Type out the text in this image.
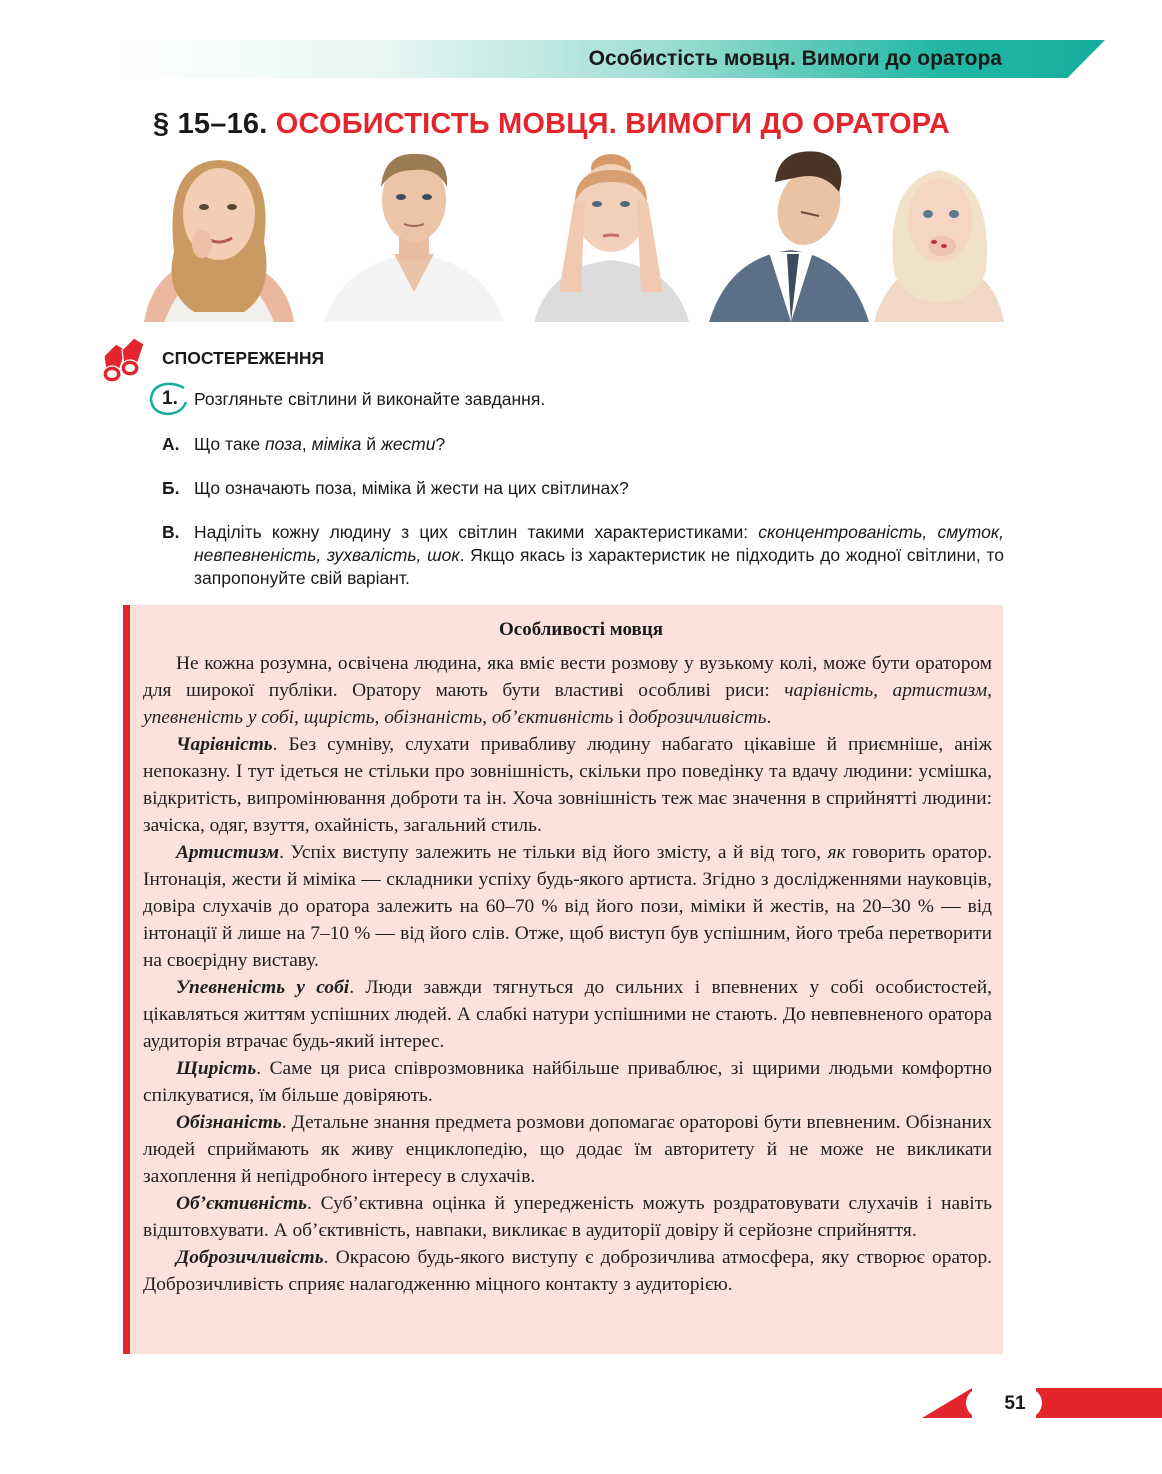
Особистість мовця. Вимоги до оратора
§ 15–16. ОСОБИСТІСТЬ МОВЦЯ. ВИМОГИ ДО ОРАТОРА
СПОСТЕРЕЖЕННЯ
1. Розгляньте світлини й виконайте завдання.
А. Що таке поза, міміка й жести?
Б. Що означають поза, міміка й жести на цих світлинах?
В. Наділіть кожну людину з цих світлин такими характеристиками: сконцентрованість, смуток, невпевненість, зухвалість, шок. Якщо якась із характеристик не підходить до жодної світлини, то запропонуйте свій варіант.
Особливості мовця

Не кожна розумна, освічена людина, яка вміє вести розмову у вузькому колі, може бути оратором для широкої публіки. Оратору мають бути властиві особливі риси: чарівність, артистизм, упевненість у собі, щирість, обізнаність, об’єктивність і доброзичливість.

Чарівність. Без сумніву, слухати привабливу людину набагато цікавіше й приємніше, аніж непоказну. І тут ідеться не стільки про зовнішність, скільки про поведінку та вдачу людини: усмішка, відкритість, випромінювання доброти та ін. Хоча зовнішність теж має значення в сприйнятті людини: зачіска, одяг, взуття, охайність, загальний стиль.

Артистизм. Успіх виступу залежить не тільки від його змісту, а й від того, як говорить оратор. Інтонація, жести й міміка — складники успіху будь-якого артиста. Згідно з дослідженнями науковців, довіра слухачів до оратора залежить на 60–70 % від його пози, міміки й жестів, на 20–30 % — від інтонації й лише на 7–10 % — від його слів. Отже, щоб виступ був успішним, його треба перетворити на своєрідну виставу.

Упевненість у собі. Люди завжди тягнуться до сильних і впевнених у собі особистостей, цікавляться життям успішних людей. А слабкі натури успішними не стають. До невпевненого оратора аудиторія втрачає будь-який інтерес.

Щирість. Саме ця риса співрозмовника найбільше приваблює, зі щирими людьми комфортно спілкуватися, їм більше довіряють.

Обізнаність. Детальне знання предмета розмови допомагає ораторові бути впевненим. Обізнаних людей сприймають як живу енциклопедію, що додає їм авторитету й не може не викликати захоплення й непідробного інтересу в слухачів.

Об’єктивність. Суб’єктивна оцінка й упередженість можуть роздратовувати слухачів і навіть відштовхувати. А об’єктивність, навпаки, викликає в аудиторії довіру й серйозне сприйняття.

Доброзичливість. Окрасою будь-якого виступу є доброзичлива атмосфера, яку створює оратор. Доброзичливість сприяє налагодженню міцного контакту з аудиторією.

51
